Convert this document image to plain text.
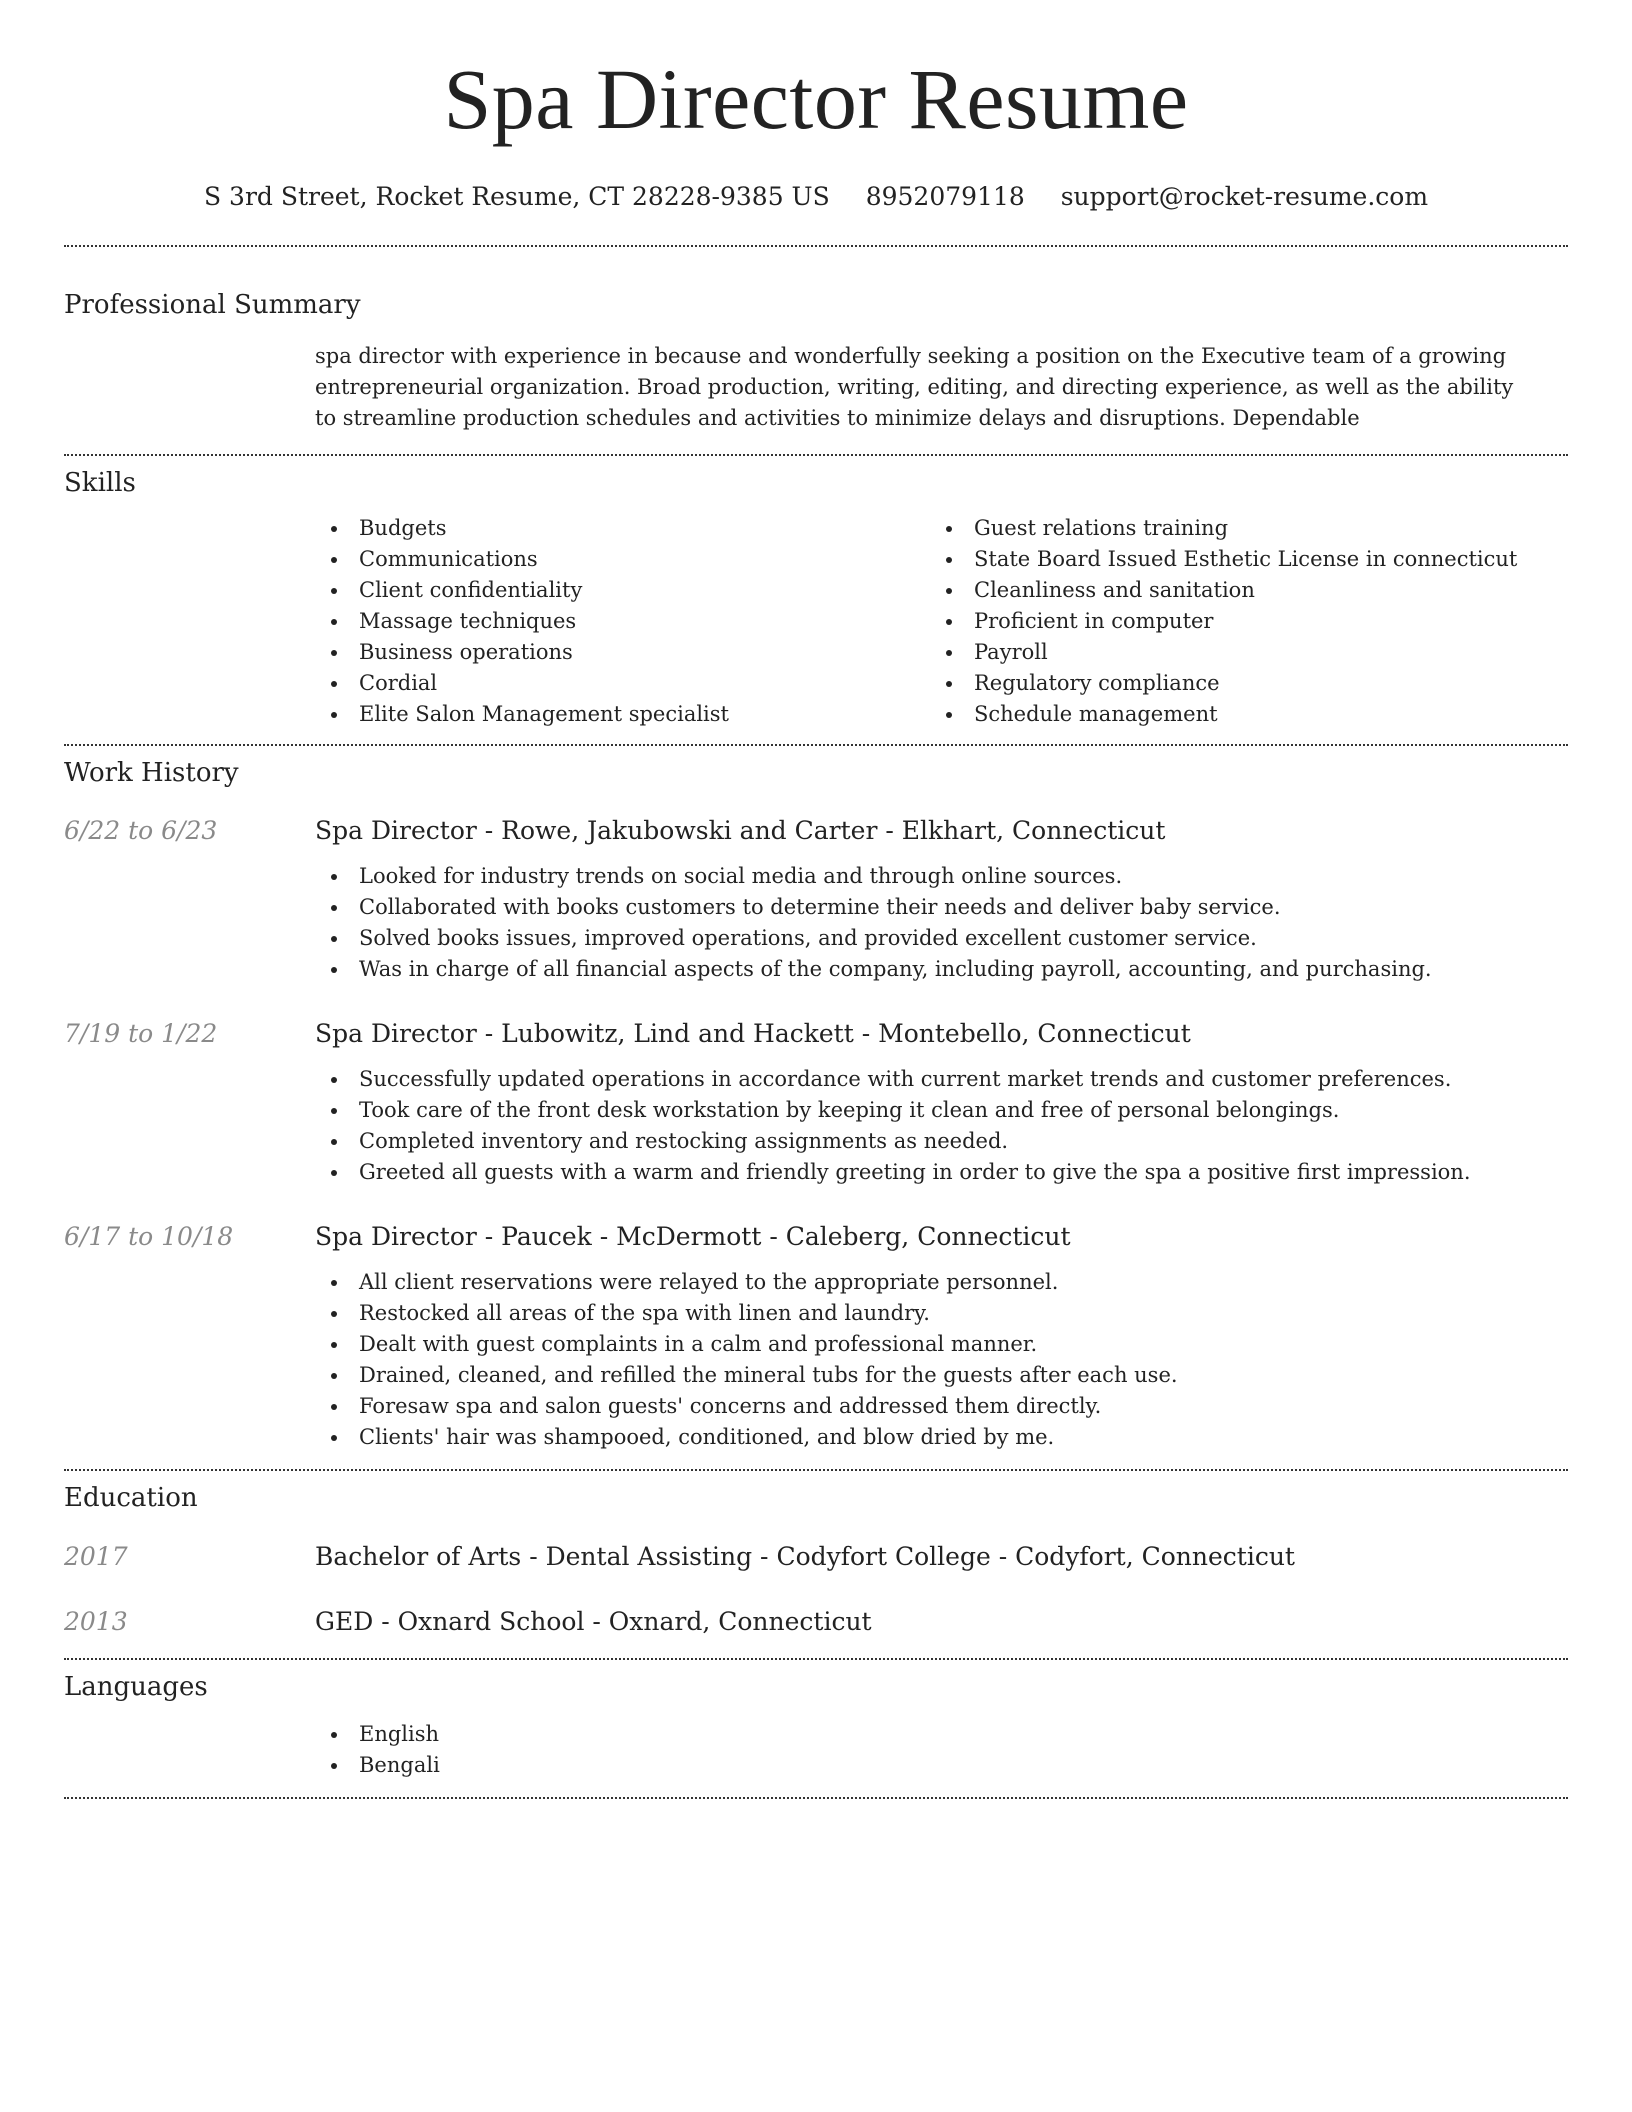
Spa Director Resume
S 3rd Street, Rocket Resume, CT 28228-9385 US 8952079118 support@rocket-resume.com
Professional Summary
spa director with experience in because and wonderfully seeking a position on the Executive team of a growing entrepreneurial organization. Broad production, writing, editing, and directing experience, as well as the ability to streamline production schedules and activities to minimize delays and disruptions. Dependable
Skills
Budgets
Communications
Client confidentiality
Massage techniques
Business operations
Cordial
Elite Salon Management specialist
Guest relations training
State Board Issued Esthetic License in connecticut
Cleanliness and sanitation
Proficient in computer
Payroll
Regulatory compliance
Schedule management
Work History
6/22 to 6/23	Spa Director - Rowe, Jakubowski and Carter - Elkhart, Connecticut
Looked for industry trends on social media and through online sources.
Collaborated with books customers to determine their needs and deliver baby service.
Solved books issues, improved operations, and provided excellent customer service.
Was in charge of all financial aspects of the company, including payroll, accounting, and purchasing.
7/19 to 1/22	Spa Director - Lubowitz, Lind and Hackett - Montebello, Connecticut
Successfully updated operations in accordance with current market trends and customer preferences.
Took care of the front desk workstation by keeping it clean and free of personal belongings.
Completed inventory and restocking assignments as needed.
Greeted all guests with a warm and friendly greeting in order to give the spa a positive first impression.
6/17 to 10/18	Spa Director - Paucek - McDermott - Caleberg, Connecticut
All client reservations were relayed to the appropriate personnel.
Restocked all areas of the spa with linen and laundry.
Dealt with guest complaints in a calm and professional manner.
Drained, cleaned, and refilled the mineral tubs for the guests after each use.
Foresaw spa and salon guests' concerns and addressed them directly.
Clients' hair was shampooed, conditioned, and blow dried by me.
Education
2017	Bachelor of Arts - Dental Assisting - Codyfort College - Codyfort, Connecticut
2013	GED - Oxnard School - Oxnard, Connecticut
Languages
English
Bengali
